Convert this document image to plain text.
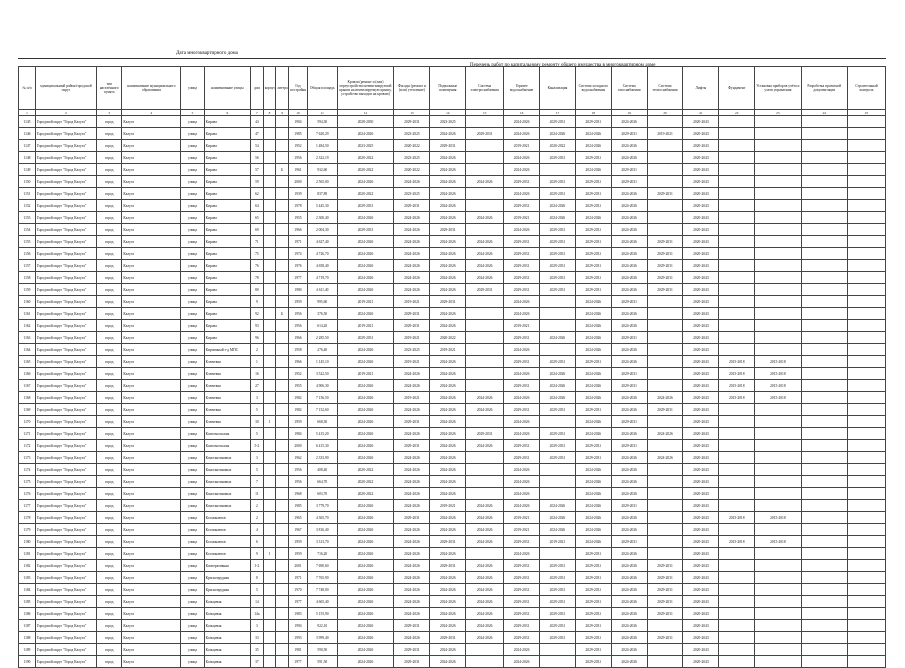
Дата многоквартирного дома
Перечень работ по капитальному ремонту общего имущества в многоквартирном доме
№ п/п	муниципальный район/городской округ	тип населённого пункта	наименование муниципального образования	улица	наименование улицы	дом	корпус	литера	Год постройки	Общая площадь	Кровля (ремонт и (или) переустройство невентилируемой крыши на вентилируемую крышу, устройство выходов на кровлю)	Фасады (ремонт и (или) утепление)	Подвальные помещения	Система электроснабжения	Горячее водоснабжение	Канализация	Система холодного водоснабжения	Система газоснабжения	Система теплоснабжения	Лифты	Фундамент	Установка приборов учёта и узлов управления	Разработка проектной документации	Строительный контроль
1	2	3	4	5	6	7	8	9	10	11	12	13	14	15	16	17	18	19	20	21	22	23	24	25
1145	Городской округ "Город Калуга"	город	Калуга	улица	Кирова	44			1904	594,30	2028-2030	2029-2031	2023-2025		2024-2026	2029-2031	2029-2031	2024-2026		2020-2043				
1146	Городской округ "Город Калуга"	город	Калуга	улица	Кирова	47			1985	7 620,29	2024-2026	2023-2025	2024-2026	2029-2031	2024-2026	2024-2026	2024-2026	2029-2031	2019-2021	2020-2043				
1147	Городской округ "Город Калуга"	город	Калуга	улица	Кирова	54			1952	1 484,50	2023-2025	2020-2022	2029-2031		2019-2021	2020-2022	2024-2026	2024-2026		2020-2043				
1148	Городской округ "Город Калуга"	город	Калуга	улица	Кирова	56			1956	2 322,19	2020-2022	2023-2025	2024-2026		2024-2026	2029-2031	2029-2031	2024-2026		2020-2043				
1149	Городской округ "Город Калуга"	город	Калуга	улица	Кирова	57		Б	1961	932,60	2020-2022	2020-2022	2024-2026		2024-2026		2024-2026	2029-2031		2020-2043				
1150	Городской округ "Город Калуга"	город	Калуга	улица	Кирова	59			2000	2 565,00	2024-2026	2024-2026	2024-2026	2024-2026	2029-2031	2029-2031	2029-2031	2029-2031		2020-2043				
1151	Городской округ "Город Калуга"	город	Калуга	улица	Кирова	62			1939	837,89	2020-2022	2023-2025	2024-2026		2024-2026	2029-2031	2029-2031	2024-2026	2029-2031	2020-2043				
1152	Городской округ "Город Калуга"	город	Калуга	улица	Кирова	64			1978	5 445,30	2029-2031	2029-2031	2024-2026		2029-2031	2024-2026	2029-2031	2024-2026		2020-2043				
1153	Городской округ "Город Калуга"	город	Калуга	улица	Кирова	65			1955	2 300,40	2024-2026	2024-2026	2024-2026	2024-2026	2019-2021	2024-2026	2024-2026	2024-2026		2020-2043				
1154	Городской округ "Город Калуга"	город	Калуга	улица	Кирова	69			1966	2 004,30	2029-2031	2024-2026	2029-2031		2024-2026	2029-2031	2029-2031	2024-2026		2020-2043				
1155	Городской округ "Город Калуга"	город	Калуга	улица	Кирова	71			1971	4 627,40	2024-2026	2024-2026	2024-2026	2024-2026	2029-2031	2029-2031	2029-2031	2024-2026	2029-2031	2020-2043				
1156	Городской округ "Город Калуга"	город	Калуга	улица	Кирова	75			1974	4 726,70	2024-2026	2024-2026	2024-2026	2024-2026	2029-2031	2029-2031	2029-2031	2024-2026	2029-2031	2020-2043				
1157	Городской округ "Город Калуга"	город	Калуга	улица	Кирова	76			1976	4 658,40	2024-2026	2024-2026	2024-2026	2024-2026	2029-2031	2029-2031	2029-2031	2024-2026	2029-2031	2020-2043				
1158	Городской округ "Город Калуга"	город	Калуга	улица	Кирова	78			1977	4 719,70	2024-2026	2024-2026	2024-2026	2024-2026	2029-2031	2029-2031	2029-2031	2024-2026	2029-2031	2020-2043				
1159	Городской округ "Город Калуга"	город	Калуга	улица	Кирова	80			1980	4 611,40	2024-2026	2024-2026	2024-2026	2029-2031	2029-2031	2029-2031	2029-2031	2024-2026	2029-2031	2020-2043				
1160	Городской округ "Город Калуга"	город	Калуга	улица	Кирова	9			1959	995,60	2019-2021	2019-2021	2029-2031		2024-2026		2024-2026	2029-2031		2020-2043				
1161	Городской округ "Город Калуга"	город	Калуга	улица	Кирова	92		Б	1956	376,50	2024-2026	2029-2031	2024-2026		2024-2026		2024-2026	2024-2026		2020-2043				
1162	Городской округ "Город Калуга"	город	Калуга	улица	Кирова	93			1956	614,20	2019-2021	2029-2031	2024-2026		2019-2021		2024-2026	2024-2026		2020-2043				
1163	Городской округ "Город Калуга"	город	Калуга	улица	Кирова	96			1966	2 285,50	2029-2031	2019-2021	2020-2022		2029-2031	2024-2026	2024-2026	2029-2031		2020-2043				
1164	Городской округ "Город Калуга"	город	Калуга	улица	Кирпичный з-д МПС	2			1958	276,40	2024-2026	2023-2025	2019-2021		2024-2026		2024-2026	2024-2026		2020-2043				
1165	Городской округ "Город Калуга"	город	Калуга	улица	Ключевая	1			1966	1 145,10	2024-2026	2019-2021	2024-2026		2029-2031	2029-2031	2029-2031	2024-2026		2020-2043	2015-2018	2015-2018		
1166	Городской округ "Город Калуга"	город	Калуга	улица	Ключевая	16			1952	3 522,50	2019-2021	2024-2026	2024-2026		2024-2026	2024-2026	2024-2026	2029-2031		2020-2043	2015-2018	2015-2018		
1167	Городской округ "Город Калуга"	город	Калуга	улица	Ключевая	27			1955	4 906,30	2024-2026	2024-2026	2024-2026		2029-2031	2024-2026	2024-2026	2029-2031		2020-2043	2015-2018	2015-2018		
1168	Городской округ "Город Калуга"	город	Калуга	улица	Ключевая	3			1982	7 156,50	2024-2026	2019-2021	2024-2026	2024-2026	2024-2026	2024-2026	2024-2026	2024-2026	2024-2026	2020-2043	2015-2018	2015-2018		
1169	Городской округ "Город Калуга"	город	Калуга	улица	Ключевая	5			1982	7 152,60	2024-2026	2024-2026	2024-2026	2024-2026	2029-2031	2029-2031	2029-2031	2024-2026	2029-2031	2020-2043				
1170	Городской округ "Город Калуга"	город	Калуга	улица	Ключевая	30	1		1959	668,30	2024-2026	2029-2031	2024-2026		2024-2026		2024-2026	2029-2031		2020-2043				
1171	Городской округ "Город Калуга"	город	Калуга	улица	Комсомольская	5			1984	5 415,20	2024-2026	2024-2026	2024-2026	2029-2031	2024-2026	2029-2031	2024-2026	2024-2026	2024-2026	2020-2043				
1172	Городской округ "Город Калуга"	город	Калуга	улица	Комсомольская	5-2			2000	6 415,30	2024-2026	2029-2031	2024-2026	2024-2026	2029-2031	2029-2031	2029-2031	2029-2031		2020-2043				
1173	Городской округ "Город Калуга"	город	Калуга	улица	Константиновых	3			1962	2 333,90	2024-2026	2024-2026	2024-2026		2029-2031	2029-2031	2029-2031	2024-2026	2024-2026	2020-2043				
1174	Городской округ "Город Калуга"	город	Калуга	улица	Константиновых	5			1956	408,40	2020-2022	2024-2026	2024-2026		2024-2026		2024-2026	2024-2026		2020-2043				
1175	Городской округ "Город Калуга"	город	Калуга	улица	Константиновых	7			1956	664,70	2020-2022	2024-2026	2024-2026		2024-2026		2024-2026	2024-2026		2020-2043				
1176	Городской округ "Город Калуга"	город	Калуга	улица	Константиновых	11			1968	603,70	2020-2022	2024-2026	2024-2026		2024-2026		2024-2026	2024-2026		2020-2043				
1177	Городской округ "Город Калуга"	город	Калуга	улица	Константиновых	2			1985	3 779,70	2024-2026	2024-2026	2019-2021	2024-2026	2024-2026	2024-2026	2024-2026	2029-2031		2020-2043				
1178	Городской округ "Город Калуга"	город	Калуга	улица	Космонавтов	2			1965	4 365,70	2024-2026	2029-2031	2024-2026	2024-2026	2019-2021	2024-2026	2024-2026	2024-2026		2020-2043	2015-2018	2015-2018		
1179	Городской округ "Город Калуга"	город	Калуга	улица	Космонавтов	4			1967	3 816,40	2024-2026	2024-2026	2024-2026	2024-2026	2019-2021	2024-2026	2024-2026	2024-2026		2020-2043				
1180	Городской округ "Город Калуга"	город	Калуга	улица	Космонавтов	6			1959	3 313,70	2024-2026	2024-2026	2029-2031	2024-2026	2029-2031	2019-2021	2024-2026	2029-2031		2020-2043	2015-2018	2015-2018		
1181	Городской округ "Город Калуга"	город	Калуга	улица	Космонавтов	9	1		1959	716,20	2024-2026	2024-2026	2024-2026		2024-2026		2029-2031	2024-2026		2020-2043				
1182	Городской округ "Город Калуга"	город	Калуга	улица	Кооперативная	1-2			2001	7 690,60	2024-2026	2024-2026	2029-2031	2024-2026	2029-2031	2029-2031	2029-2031	2024-2026	2029-2031	2020-2043				
1183	Городской округ "Город Калуга"	город	Калуга	улица	Краснопрудная	8			1971	7 765,90	2024-2026	2024-2026	2024-2026	2024-2026	2029-2031	2029-2031	2029-2031	2024-2026	2029-2031	2020-2043				
1184	Городской округ "Город Калуга"	город	Калуга	улица	Краснопрудная	5			1970	7 748,00	2024-2026	2024-2026	2024-2026	2024-2026	2029-2031	2029-2031	2029-2031	2024-2026	2029-2031	2020-2043				
1185	Городской округ "Город Калуга"	город	Калуга	улица	Кольцевая	14			1977	4 665,40	2024-2026	2024-2026	2024-2026	2024-2026	2029-2031	2029-2031	2029-2031	2024-2026	2029-2031	2020-2043				
1186	Городской округ "Город Калуга"	город	Калуга	улица	Кольцевая	14а			1983	5 155,90	2024-2026	2024-2026	2024-2026	2024-2026	2029-2031	2029-2031	2029-2031	2024-2026	2029-2031	2020-2043				
1187	Городской округ "Город Калуга"	город	Калуга	улица	Кольцевая	3			1994	922,10	2024-2026	2029-2031	2024-2026	2024-2026	2029-2031	2029-2031	2029-2031	2024-2026		2020-2043				
1188	Городской округ "Город Калуга"	город	Калуга	улица	Кольцевая	33			1993	3 999,40	2024-2026	2024-2026	2029-2031	2024-2026	2029-2031	2029-2031	2029-2031	2024-2026	2029-2031	2020-2043				
1189	Городской округ "Город Калуга"	город	Калуга	улица	Кольцевая	35			1981	590,50	2024-2026	2029-2031	2024-2026		2024-2026		2029-2031	2024-2026		2020-2043				
1190	Городской округ "Город Калуга"	город	Калуга	улица	Кольцевая	37			1977	591,50	2024-2026	2029-2031	2024-2026		2024-2026		2029-2031	2024-2026		2020-2043				
